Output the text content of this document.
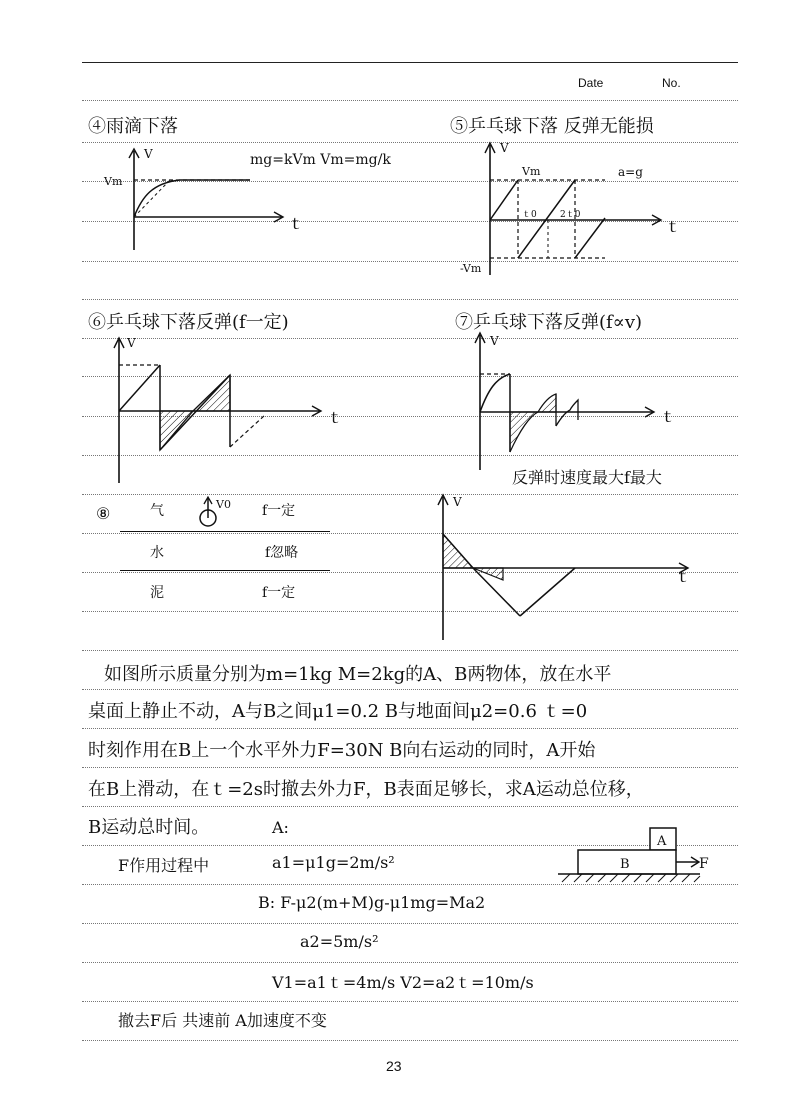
Date	No.
④雨滴下落
mg=kVm Vm=mg/k
V
Vm
ｔ
⑤乒乓球下落 反弹无能损
V
Vm	a=g
ｔ0	2ｔ0
ｔ
-Vm
⑥乒乓球下落反弹(f一定)
V
ｔ
⑦乒乓球下落反弹(f∝v)
V
ｔ
反弹时速度最大f最大
⑧	气	V0 f一定
水	f忽略
泥	f一定
V
ｔ
如图所示质量分别为m=1kg M=2kg的A、B两物体，放在水平
桌面上静止不动，A与B之间μ1=0.2 B与地面间μ2=0.6 ｔ=0
时刻作用在B上一个水平外力F=30N B向右运动的同时，A开始
在B上滑动，在ｔ=2s时撤去外力F，B表面足够长，求A运动总位移，
B运动总时间。	A:
F作用过程中	a1=μ1g=2m/s²
A
B	F
B: F-μ2(m+M)g-μ1mg=Ma2
a2=5m/s²
V1=a1ｔ=4m/s V2=a2ｔ=10m/s
撤去F后 共速前 A加速度不变
23
